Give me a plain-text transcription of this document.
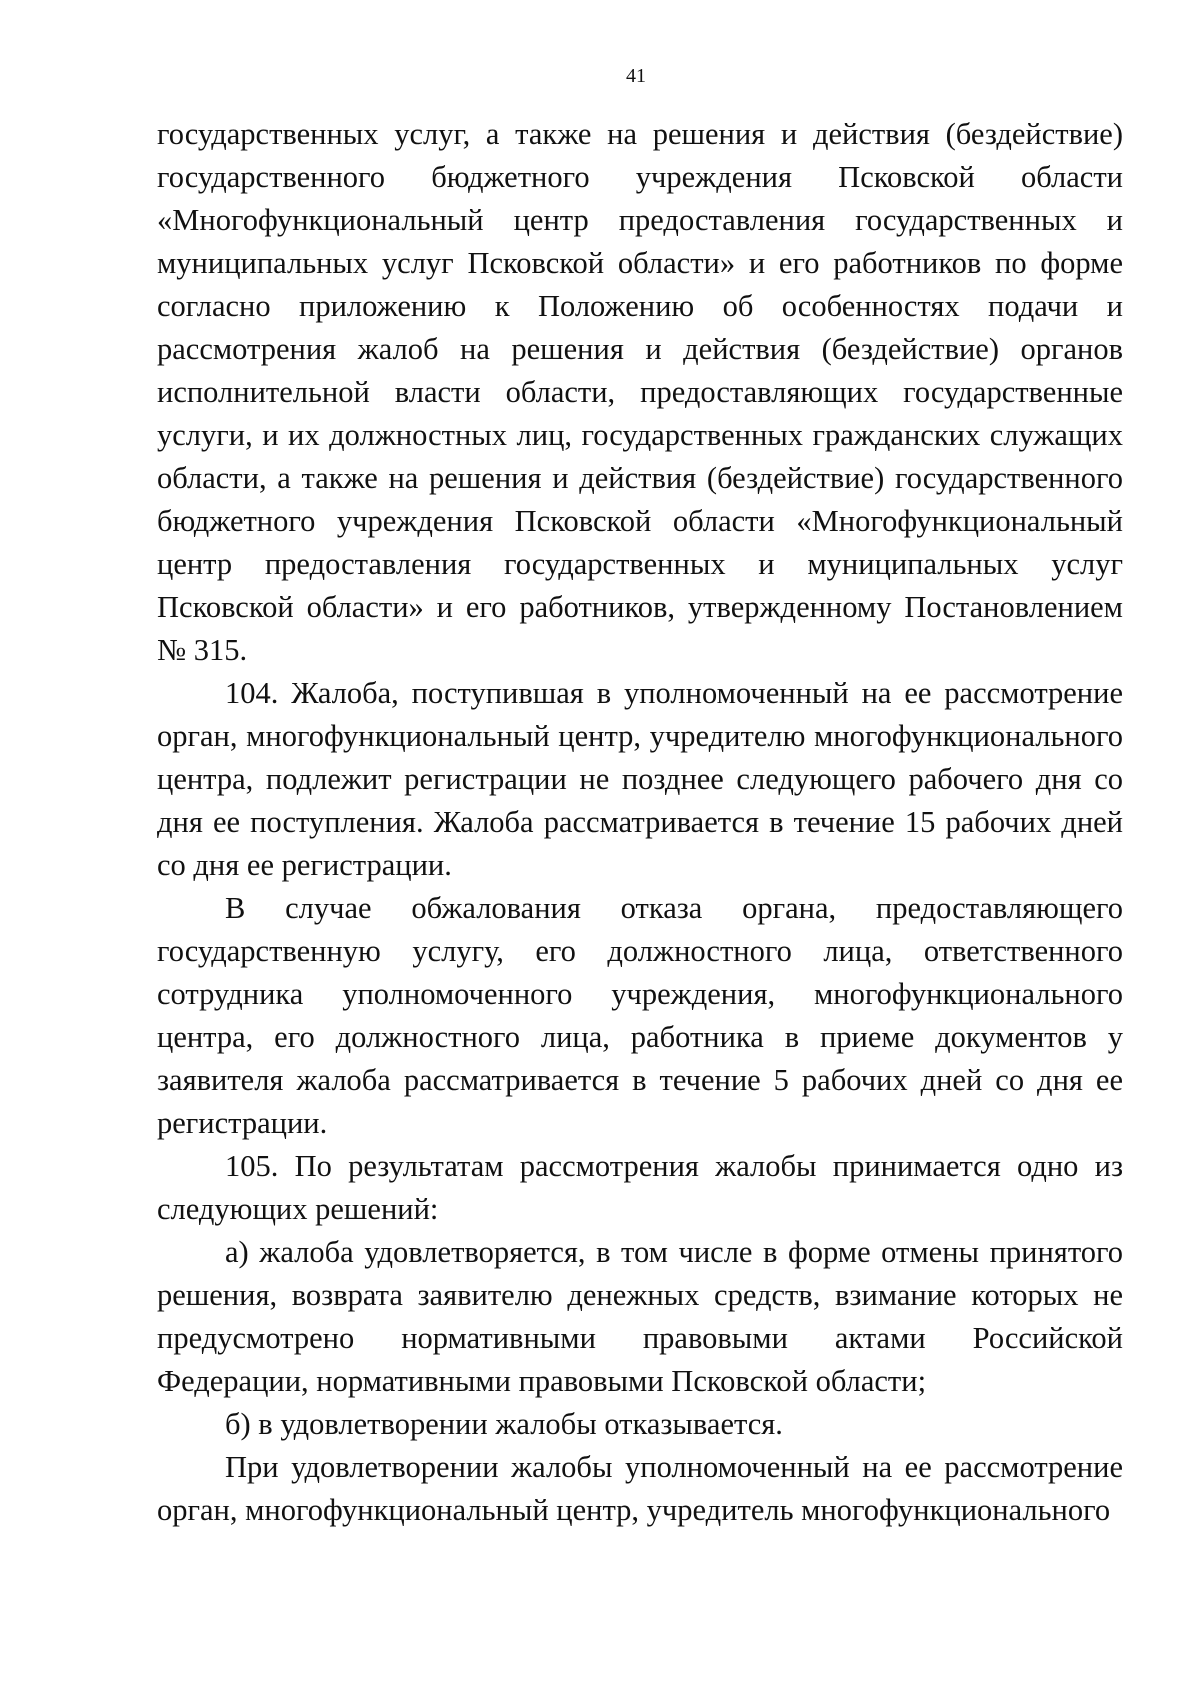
41

государственных услуг, а также на решения и действия (бездействие) государственного бюджетного учреждения Псковской области «Многофункциональный центр предоставления государственных и муниципальных услуг Псковской области» и его работников по форме согласно приложению к Положению об особенностях подачи и рассмотрения жалоб на решения и действия (бездействие) органов исполнительной власти области, предоставляющих государственные услуги, и их должностных лиц, государственных гражданских служащих области, а также на решения и действия (бездействие) государственного бюджетного учреждения Псковской области «Многофункциональный центр предоставления государственных и муниципальных услуг Псковской области» и его работников, утвержденному Постановлением № 315.

104. Жалоба, поступившая в уполномоченный на ее рассмотрение орган, многофункциональный центр, учредителю многофункционального центра, подлежит регистрации не позднее следующего рабочего дня со дня ее поступления. Жалоба рассматривается в течение 15 рабочих дней со дня ее регистрации.

В случае обжалования отказа органа, предоставляющего государственную услугу, его должностного лица, ответственного сотрудника уполномоченного учреждения, многофункционального центра, его должностного лица, работника в приеме документов у заявителя жалоба рассматривается в течение 5 рабочих дней со дня ее регистрации.

105. По результатам рассмотрения жалобы принимается одно из следующих решений:

а) жалоба удовлетворяется, в том числе в форме отмены принятого решения, возврата заявителю денежных средств, взимание которых не предусмотрено нормативными правовыми актами Российской Федерации, нормативными правовыми Псковской области;

б) в удовлетворении жалобы отказывается.

При удовлетворении жалобы уполномоченный на ее рассмотрение орган, многофункциональный центр, учредитель многофункционального
